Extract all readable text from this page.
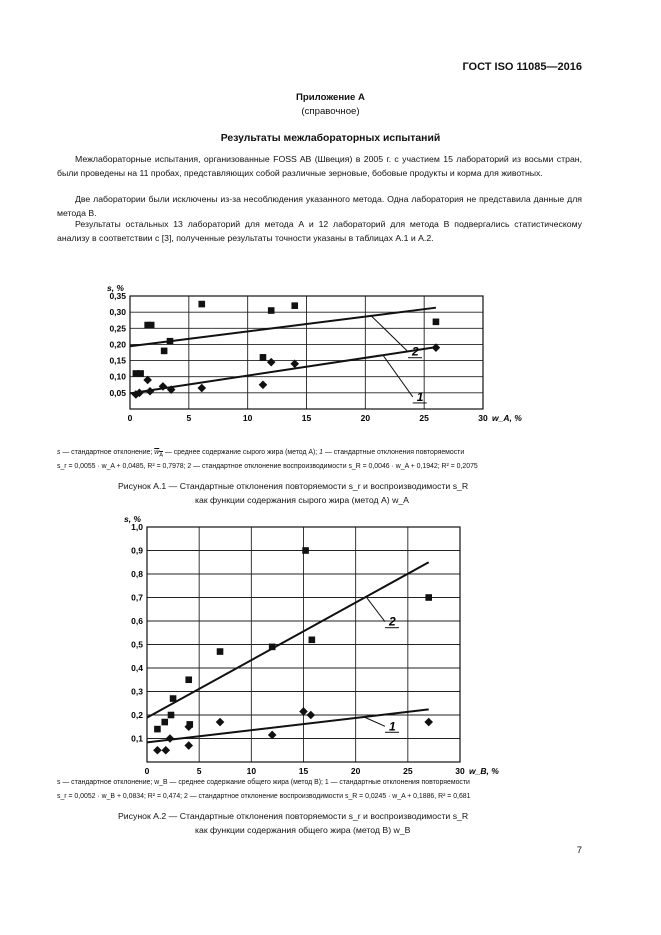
ГОСТ ISO 11085—2016
Приложение А
(справочное)
Результаты межлабораторных испытаний
Межлабораторные испытания, организованные FOSS AB (Швеция) в 2005 г. с участием 15 лабораторий из восьми стран, были проведены на 11 пробах, представляющих собой различные зерновые, бобовые продукты и корма для животных.
Две лаборатории были исключены из-за несоблюдения указанного метода. Одна лаборатория не представила данные для метода В.
Результаты остальных 13 лабораторий для метода А и 12 лабораторий для метода В подвергались статистическому анализу в соответствии с [3], полученные результаты точности указаны в таблицах А.1 и А.2.
0,05
0,10
0,15
0,20
0,25
0,30
0,35
0	5	10	15	20	25	30
s, %
w_A, %
1
2
s — стандартное отклонение; $w_A$ — среднее содержание сырого жира (метод А); 1 — стандартные отклонения повторяемости
s_r = 0,0055 · w_A + 0,0485, R² = 0,7978; 2 — стандартное отклонение воспроизводимости s_R = 0,0046 · w_A + 0,1942; R² = 0,2075
Рисунок А.1 — Стандартные отклонения повторяемости s_r и воспроизводимости s_R
как функции содержания сырого жира (метод А) w_A
0,1
0,2
0,3
0,4
0,5
0,6
0,7
0,8
0,9
1,0
0	5	10	15	20	25	30
s, %
w_B, %
1
2
s — стандартное отклонение; w_B — среднее содержание общего жира (метод В); 1 — стандартные отклонения повторяемости
s_r = 0,0052 · w_B + 0,0834; R² = 0,474; 2 — стандартное отклонение воспроизводимости s_R = 0,0245 · w_A + 0,1886, R² = 0,681
Рисунок А.2 — Стандартные отклонения повторяемости s_r и воспроизводимости s_R
как функции содержания общего жира (метод В) w_B
7
